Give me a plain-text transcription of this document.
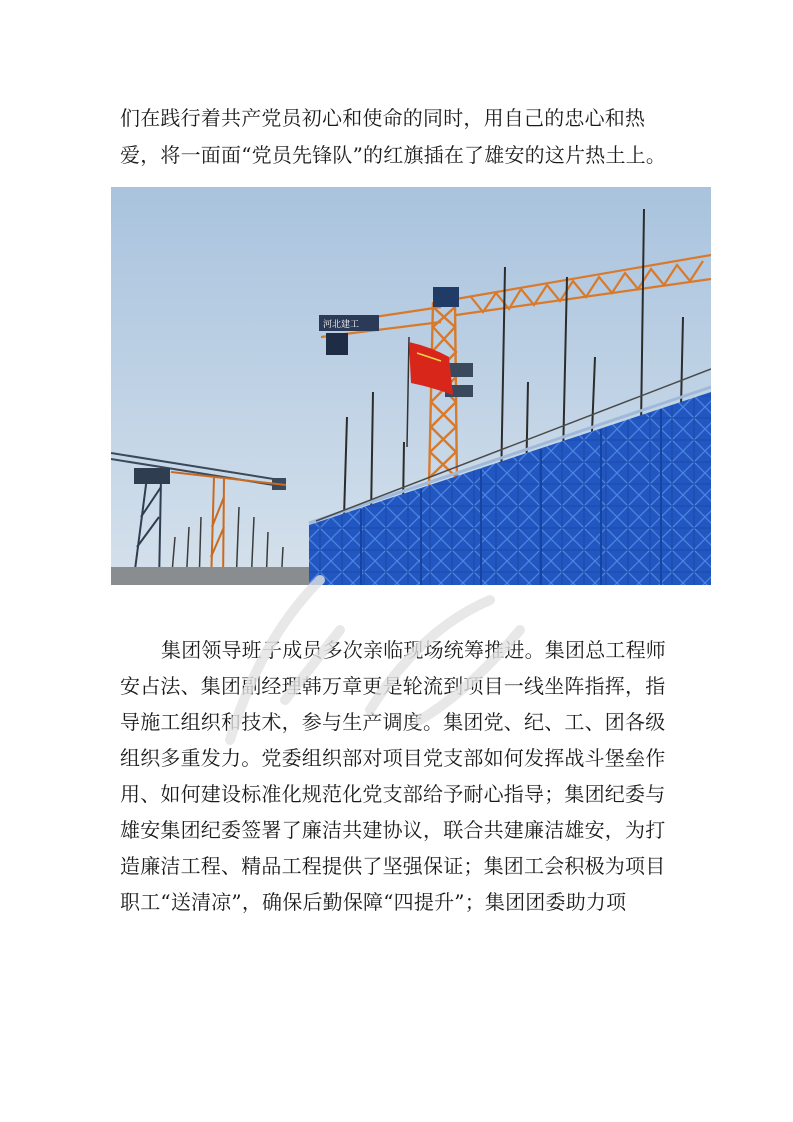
们在践行着共产党员初心和使命的同时，用自己的忠心和热
爱，将一面面“党员先锋队”的红旗插在了雄安的这片热土上。
河北建工
集团领导班子成员多次亲临现场统筹推进。集团总工程师
安占法、集团副经理韩万章更是轮流到项目一线坐阵指挥，指
导施工组织和技术，参与生产调度。集团党、纪、工、团各级
组织多重发力。党委组织部对项目党支部如何发挥战斗堡垒作
用、如何建设标准化规范化党支部给予耐心指导；集团纪委与
雄安集团纪委签署了廉洁共建协议，联合共建廉洁雄安，为打
造廉洁工程、精品工程提供了坚强保证；集团工会积极为项目
职工“送清凉”，确保后勤保障“四提升”；集团团委助力项
